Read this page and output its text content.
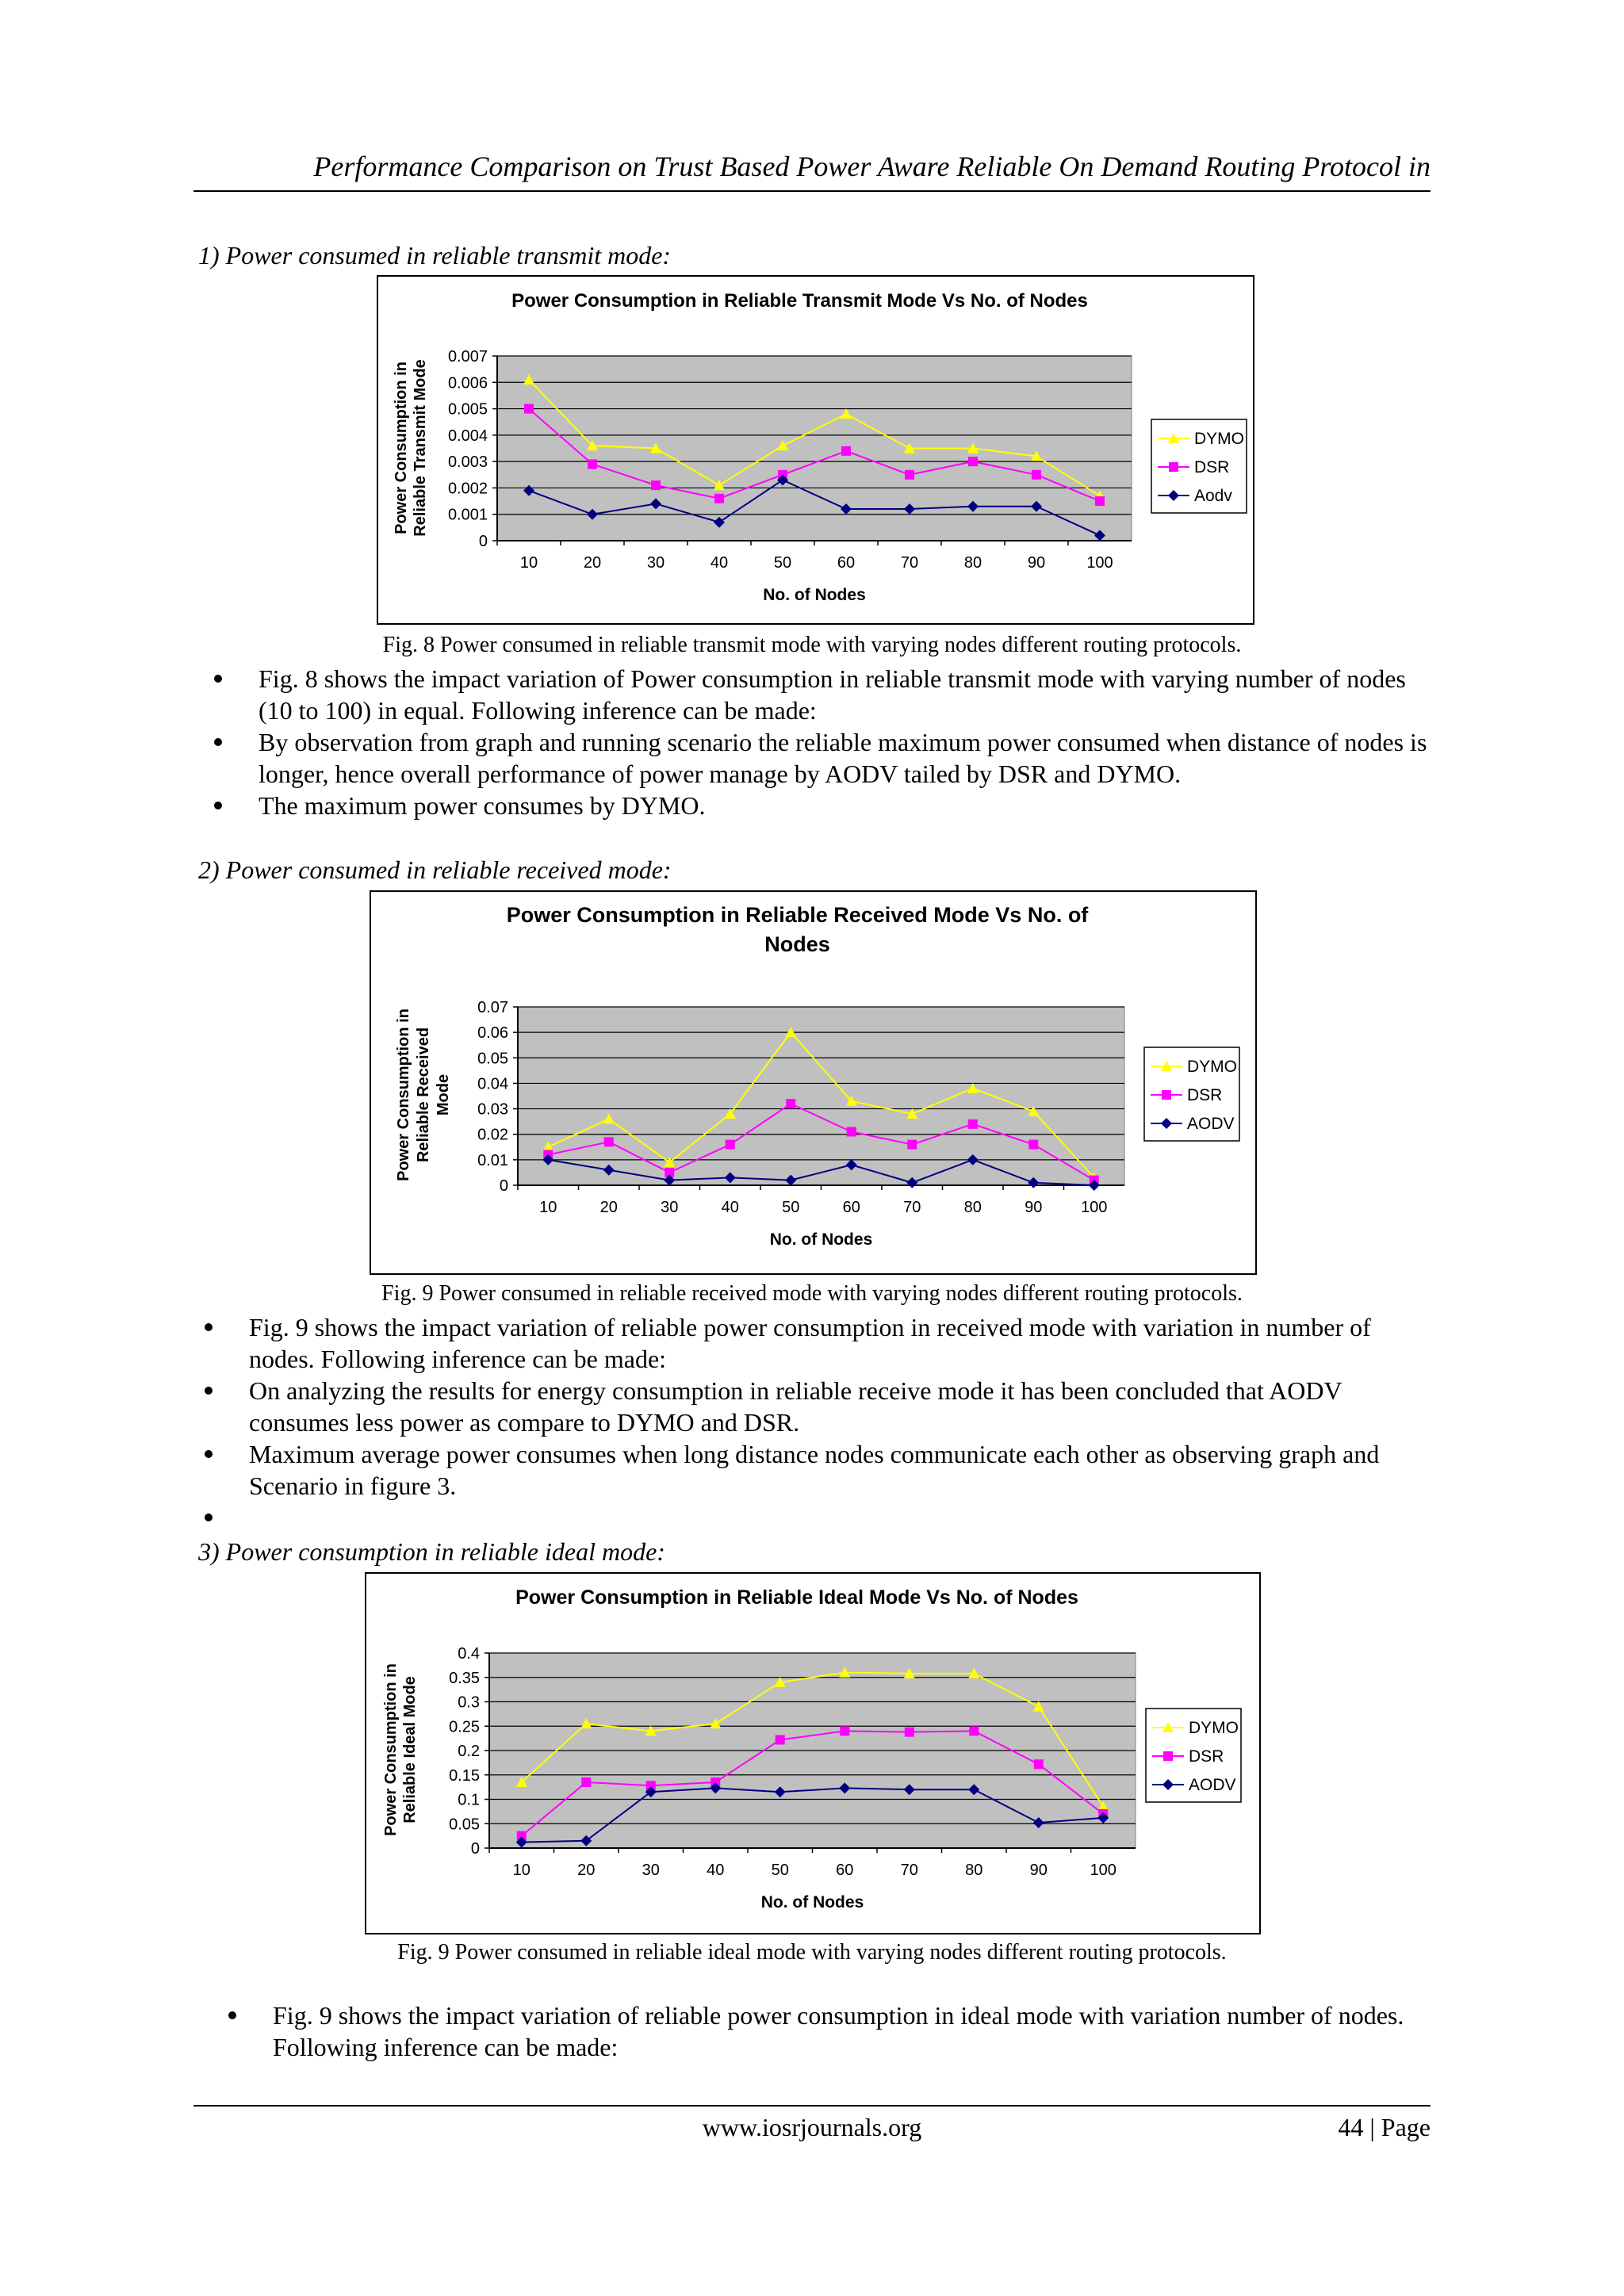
Performance Comparison on Trust Based Power Aware Reliable On Demand Routing Protocol in
1) Power consumed in reliable transmit mode:
Power Consumption in Reliable Transmit Mode Vs No. of Nodes
0
0.001
0.002
0.003
0.004
0.005
0.006
0.007
10	20	30	40	50	60	70	80	90	100
No. of Nodes
Power Consumption in Reliable Transmit Mode	DYMO
DSR
Aodv
Fig. 8 Power consumed in reliable transmit mode with varying nodes different routing protocols.
Fig. 8 shows the impact variation of Power consumption in reliable transmit mode with varying number of nodes (10 to 100) in equal. Following inference can be made:
By observation from graph and running scenario the reliable maximum power consumed when distance of nodes is longer, hence overall performance of power manage by AODV tailed by DSR and DYMO.
The maximum power consumes by DYMO.
2) Power consumed in reliable received mode:
Power Consumption in Reliable Received Mode Vs No. of
Nodes
0
0.01
0.02
0.03
0.04
0.05
0.06
0.07
10	20	30	40	50	60	70	80	90 100
No. of Nodes
Power Consumption in Reliable Received Mode
DYMO
DSR
AODV
Fig. 9 Power consumed in reliable received mode with varying nodes different routing protocols.
Fig. 9 shows the impact variation of reliable power consumption in received mode with variation in number of nodes. Following inference can be made:
On analyzing the results for energy consumption in reliable receive mode it has been concluded that AODV consumes less power as compare to DYMO and DSR.
Maximum average power consumes when long distance nodes communicate each other as observing graph and Scenario in figure 3.
3) Power consumption in reliable ideal mode:
Power Consumption in Reliable Ideal Mode Vs No. of Nodes
0
0.05
0.1
0.15
0.2
0.25
0.3
0.35
0.4
10	20	30	40	50	60	70	80	90	100
No. of Nodes
Power Consumption in Reliable Ideal Mode	DYMO
DSR
AODV
Fig. 9 Power consumed in reliable ideal mode with varying nodes different routing protocols.
Fig. 9 shows the impact variation of reliable power consumption in ideal mode with variation number of nodes. Following inference can be made:
www.iosrjournals.org	44 | Page
